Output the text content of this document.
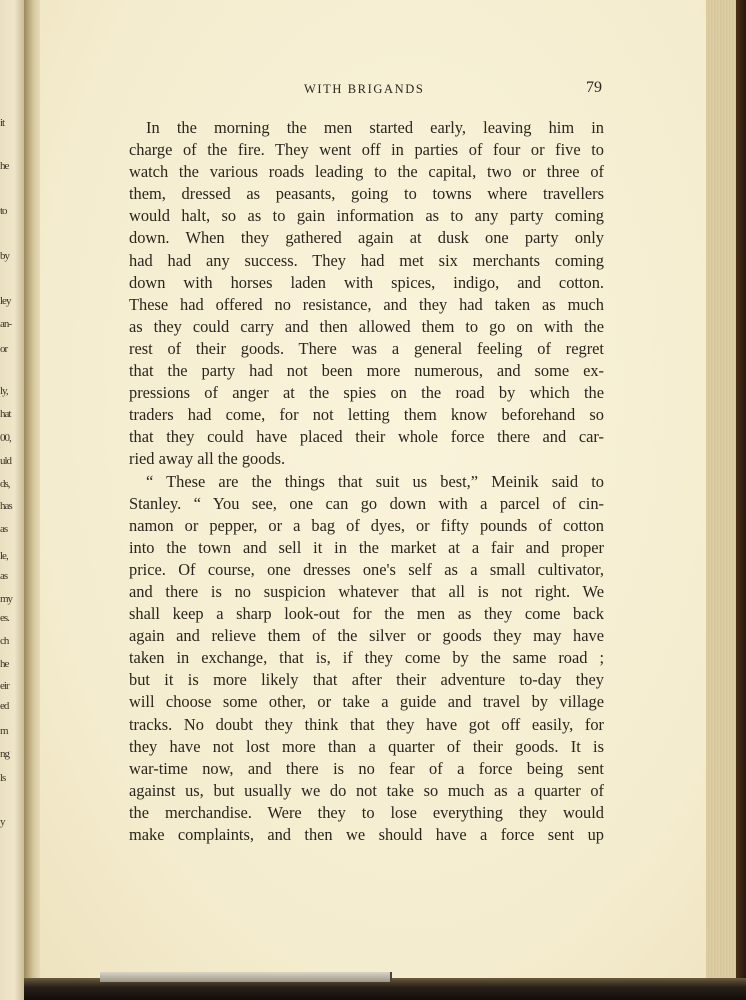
it
he
to
by
ley
an-
or
ly,
hat
00,
uld
ds,
has
as
le,
as
my
es.
ch
he
eir
ed
m
ng
ls
y
WITH BRIGANDS	79
In the morning the men started early, leaving him in
charge of the fire. They went off in parties of four or five to
watch the various roads leading to the capital, two or three of
them, dressed as peasants, going to towns where travellers
would halt, so as to gain information as to any party coming
down. When they gathered again at dusk one party only
had had any success. They had met six merchants coming
down with horses laden with spices, indigo, and cotton.
These had offered no resistance, and they had taken as much
as they could carry and then allowed them to go on with the
rest of their goods. There was a general feeling of regret
that the party had not been more numerous, and some ex-
pressions of anger at the spies on the road by which the
traders had come, for not letting them know beforehand so
that they could have placed their whole force there and car-
ried away all the goods.
“ These are the things that suit us best,” Meinik said to
Stanley. “ You see, one can go down with a parcel of cin-
namon or pepper, or a bag of dyes, or fifty pounds of cotton
into the town and sell it in the market at a fair and proper
price. Of course, one dresses one's self as a small cultivator,
and there is no suspicion whatever that all is not right. We
shall keep a sharp look-out for the men as they come back
again and relieve them of the silver or goods they may have
taken in exchange, that is, if they come by the same road ;
but it is more likely that after their adventure to-day they
will choose some other, or take a guide and travel by village
tracks. No doubt they think that they have got off easily, for
they have not lost more than a quarter of their goods. It is
war-time now, and there is no fear of a force being sent
against us, but usually we do not take so much as a quarter of
the merchandise. Were they to lose everything they would
make complaints, and then we should have a force sent up
